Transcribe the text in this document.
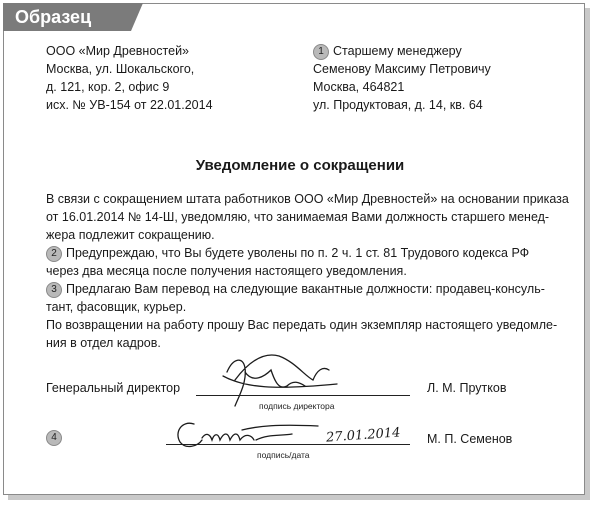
Образец
ООО «Мир Древностей»
Москва, ул. Шокальского,
д. 121, кор. 2, офис 9
исх. № УВ-154 от 22.01.2014
1 Старшему менеджеру
Семенову Максиму Петровичу
Москва, 464821
ул. Продуктовая, д. 14, кв. 64
Уведомление о сокращении
В связи с сокращением штата работников ООО «Мир Древностей» на основании приказа
от 16.01.2014 № 14-Ш, уведомляю, что занимаемая Вами должность старшего менед-
жера подлежит сокращению.
2 Предупреждаю, что Вы будете уволены по п. 2 ч. 1 ст. 81 Трудового кодекса РФ
через два месяца после получения настоящего уведомления.
3 Предлагаю Вам перевод на следующие вакантные должности: продавец-консуль-
тант, фасовщик, курьер.
По возвращении на работу прошу Вас передать один экземпляр настоящего уведомле-
ния в отдел кадров.
Генеральный директор
подпись директора
Л. М. Прутков
4
подпись/дата
М. П. Семенов
27.01.2014
